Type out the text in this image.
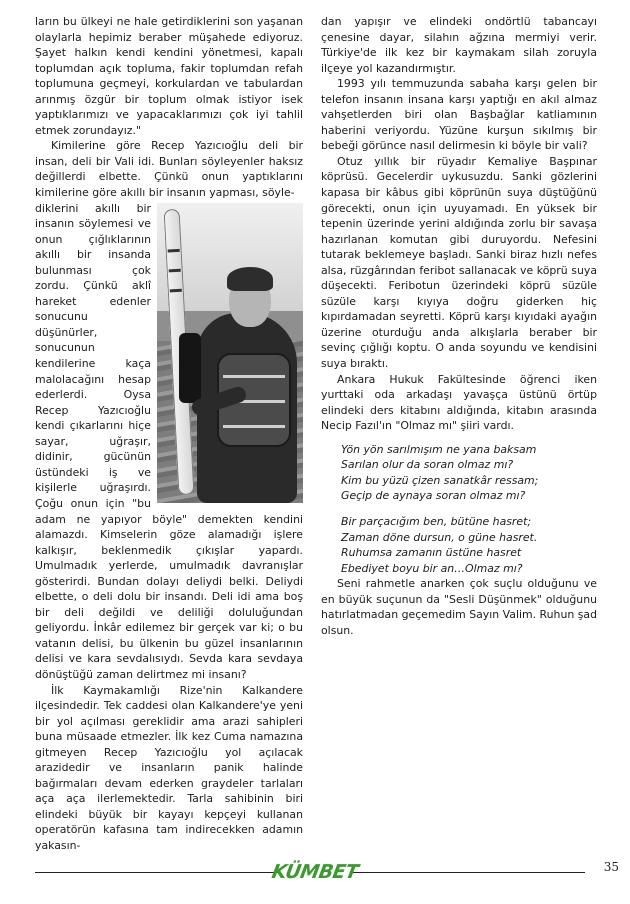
ların bu ülkeyi ne hale getirdiklerini son yaşanan olaylarla hepimiz beraber müşahede ediyoruz. Şayet halkın kendi kendini yönetmesi, kapalı toplumdan açık topluma, fakir toplumdan refah toplumuna geçmeyi, korkulardan ve tabulardan arınmış özgür bir toplum olmak istiyor isek yaptıklarımızı ve yapacaklarımızı çok iyi tahlil etmek zorundayız."

Kimilerine göre Recep Yazıcıoğlu deli bir insan, deli bir Vali idi. Bunları söyleyenler haksız değillerdi elbette. Çünkü onun yaptıklarını kimilerine göre akıllı bir insanın yapması, söyle-

diklerini akıllı bir insanın söylemesi ve onun çığlıklarının akıllı bir insanda bulunması çok zordu. Çünkü aklî hareket edenler sonucunu düşünürler, sonucunun kendilerine kaça malolacağını hesap ederlerdi. Oysa Recep Yazıcıoğlu kendi çıkarlarını hiçe sayar, uğraşır, didinir, gücünün üstündeki iş ve kişilerle uğraşırdı. Çoğu onun için "bu adam ne yapıyor böyle" demekten kendini alamazdı. Kimselerin göze alamadığı işlere kalkışır, beklenmedik çıkışlar yapardı. Umulmadık yerlerde, umulmadık davranışlar gösterirdi. Bundan dolayı deliydi belki. Deliydi elbette, o deli dolu bir insandı. Deli idi ama boş bir deli değildi ve deliliği doluluğundan geliyordu. İnkâr edilemez bir gerçek var ki; o bu vatanın delisi, bu ülkenin bu güzel insanlarının delisi ve kara sevdalısıydı. Sevda kara sevdaya dönüştüğü zaman delirtmez mi insanı?

İlk Kaymakamlığı Rize'nin Kalkandere ilçesindedir. Tek caddesi olan Kalkandere'ye yeni bir yol açılması gereklidir ama arazi sahipleri buna müsaade etmezler. İlk kez Cuma namazına gitmeyen Recep Yazıcıoğlu yol açılacak arazidedir ve insanların panik halinde bağırmaları devam ederken graydeler tarlaları aça aça ilerlemektedir. Tarla sahibinin biri elindeki büyük bir kayayı kepçeyi kullanan operatörün kafasına tam indirecekken adamın yakasın-

dan yapışır ve elindeki ondörtlü tabancayı çenesine dayar, silahın ağzına mermiyi verir. Türkiye'de ilk kez bir kaymakam silah zoruyla ilçeye yol kazandırmıştır.

1993 yılı temmuzunda sabaha karşı gelen bir telefon insanın insana karşı yaptığı en akıl almaz vahşetlerden biri olan Başbağlar katliamının haberini veriyordu. Yüzüne kurşun sıkılmış bir bebeği görünce nasıl delirmesin ki böyle bir vali?

Otuz yıllık bir rüyadır Kemaliye Başpınar köprüsü. Gecelerdir uykusuzdu. Sanki gözlerini kapasa bir kâbus gibi köprünün suya düştüğünü görecekti, onun için uyuyamadı. En yüksek bir tepenin üzerinde yerini aldığında zorlu bir savaşa hazırlanan komutan gibi duruyordu. Nefesini tutarak beklemeye başladı. Sanki biraz hızlı nefes alsa, rüzgârından feribot sallanacak ve köprü suya düşecekti. Feribotun üzerindeki köprü süzüle süzüle karşı kıyıya doğru giderken hiç kıpırdamadan seyretti. Köprü karşı kıyıdaki ayağın üzerine oturduğu anda alkışlarla beraber bir sevinç çığlığı koptu. O anda soyundu ve kendisini suya bıraktı.

Ankara Hukuk Fakültesinde öğrenci iken yurttaki oda arkadaşı yavaşça üstünü örtüp elindeki ders kitabını aldığında, kitabın arasında Necip Fazıl'ın "Olmaz mı" şiiri vardı.

Yön yön sarılmışım ne yana baksam
Sarılan olur da soran olmaz mı?
Kim bu yüzü çizen sanatkâr ressam;
Geçip de aynaya soran olmaz mı?
Bir parçacığım ben, bütüne hasret;
Zaman döne dursun, o güne hasret.
Ruhumsa zamanın üstüne hasret
Ebediyet boyu bir an…Olmaz mı?

Seni rahmetle anarken çok suçlu olduğunu ve en büyük suçunun da "Sesli Düşünmek" olduğunu hatırlatmadan geçemedim Sayın Valim. Ruhun şad olsun.

KÜMBET	35
